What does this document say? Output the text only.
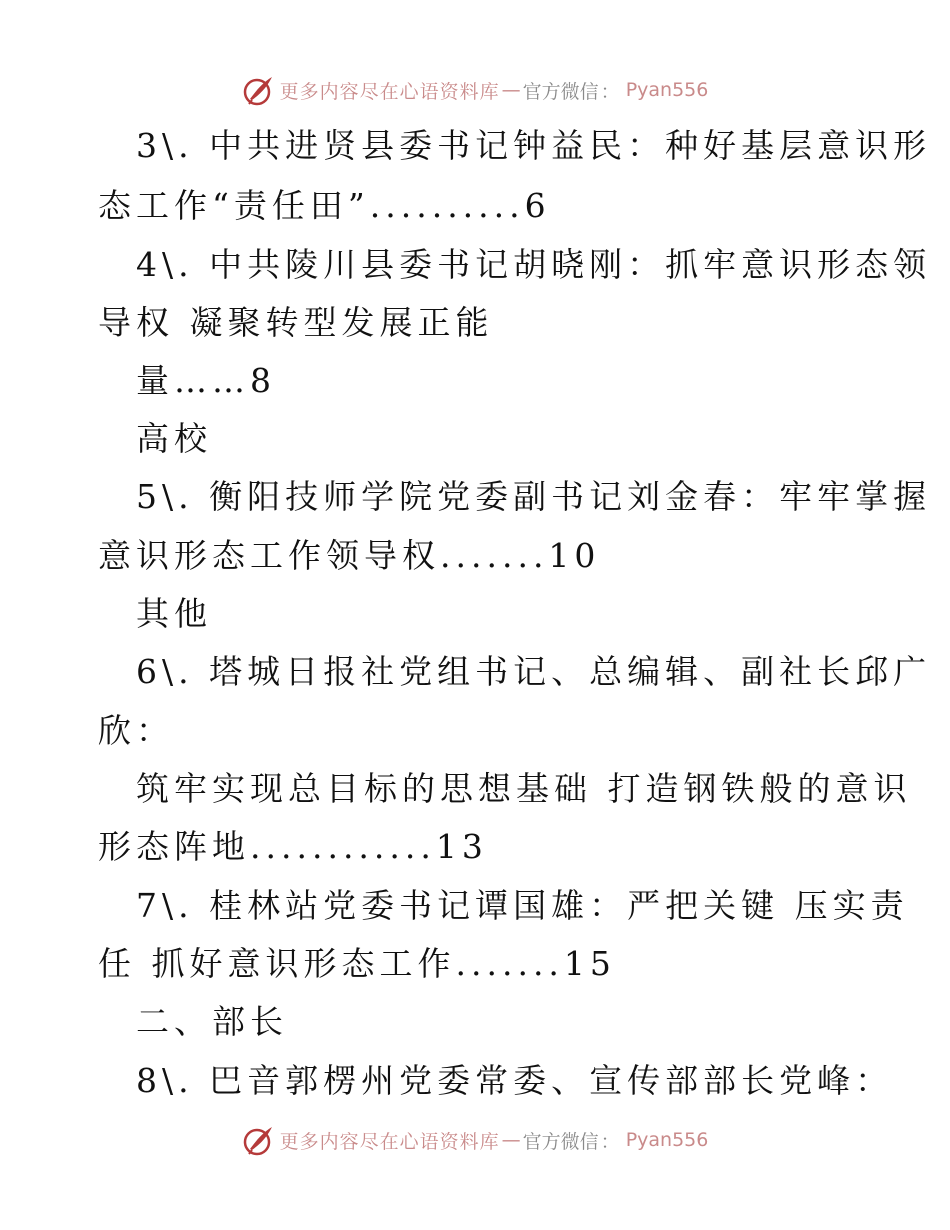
更多内容尽在心语资料库 — 官方微信 ： Pyan556
3\. 中共进贤县委书记钟益民：种好基层意识形
态工作“责任田”..........6
4\. 中共陵川县委书记胡晓刚：抓牢意识形态领
导权 凝聚转型发展正能
量……8
高校
5\. 衡阳技师学院党委副书记刘金春：牢牢掌握
意识形态工作领导权.......10
其他
6\. 塔城日报社党组书记、总编辑、副社长邱广
欣：
筑牢实现总目标的思想基础 打造钢铁般的意识
形态阵地............13
7\. 桂林站党委书记谭国雄：严把关键 压实责
任 抓好意识形态工作.......15
二、部长
8\. 巴音郭楞州党委常委、宣传部部长党峰：
更多内容尽在心语资料库 — 官方微信 ： Pyan556
